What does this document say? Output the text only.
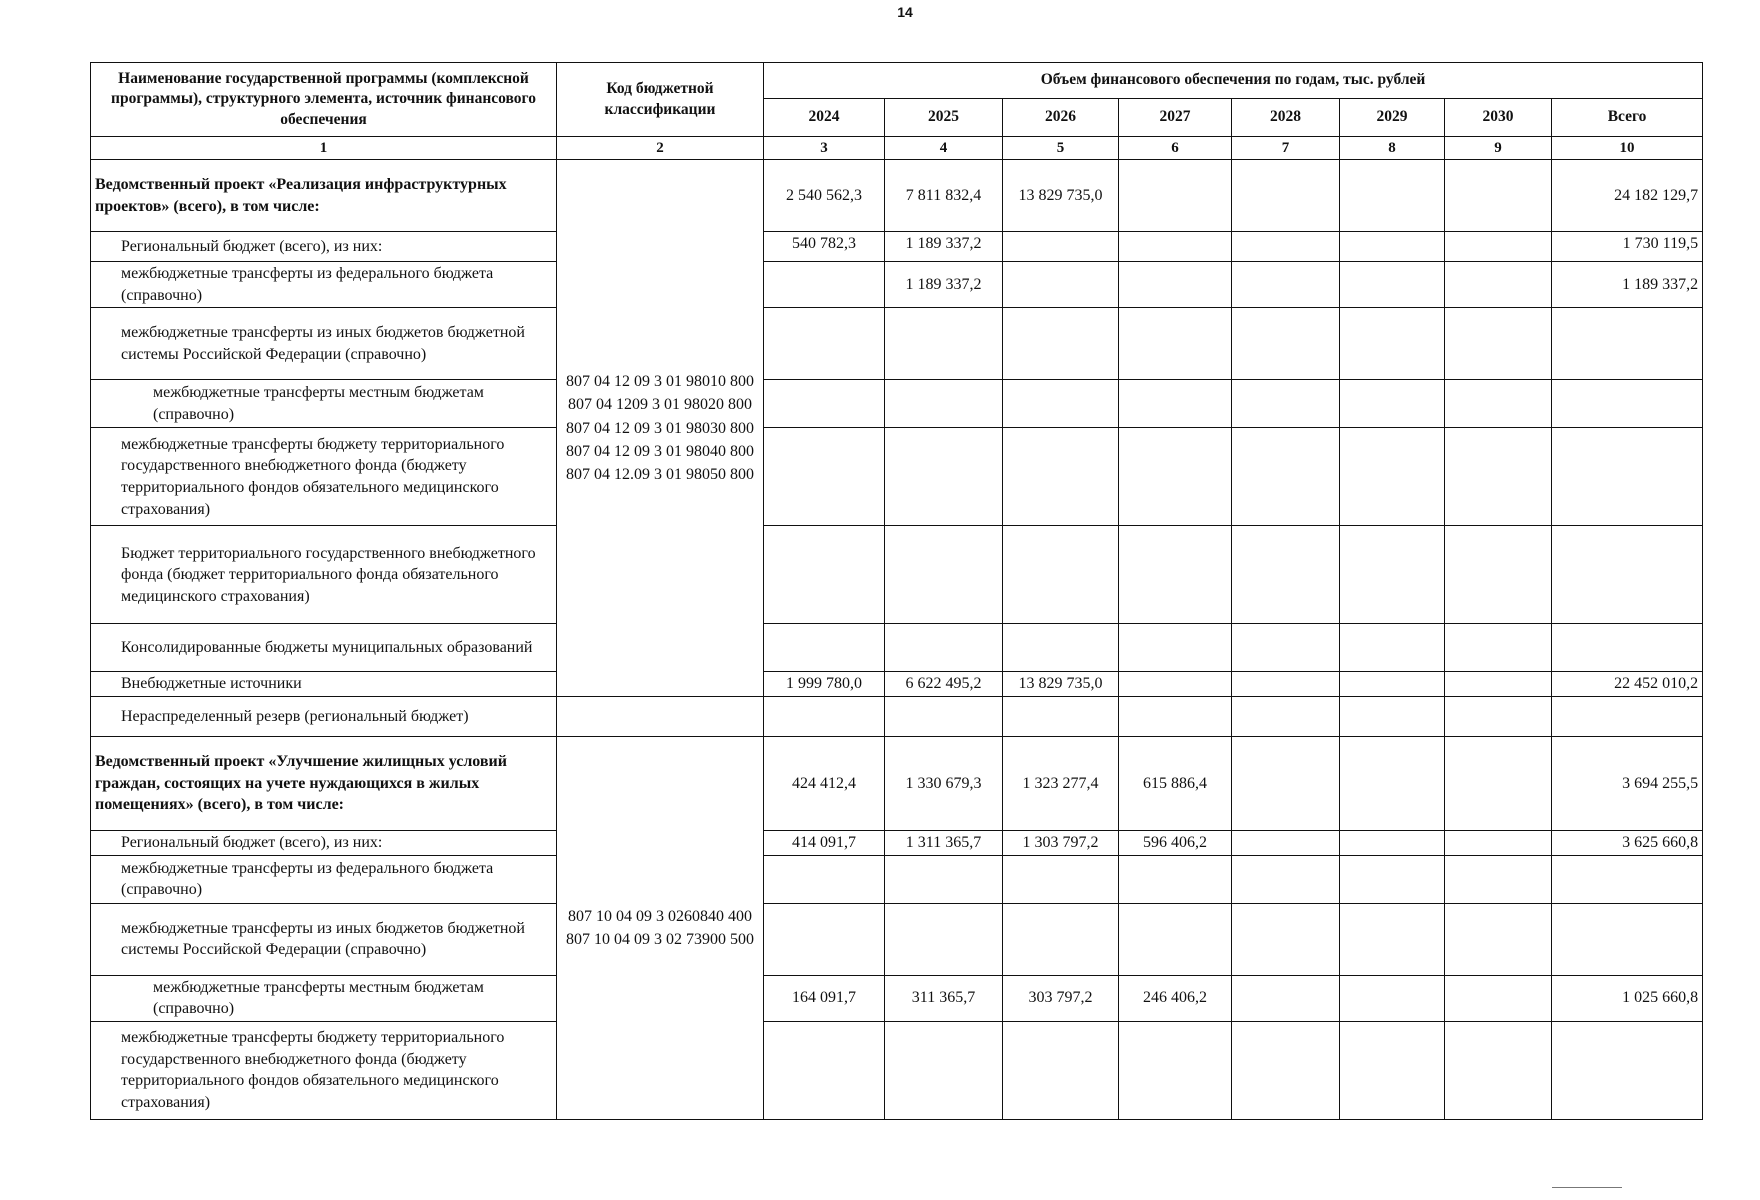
14
Наименование государственной программы (комплексной программы), структурного элемента, источник финансового обеспечения	Код бюджетной классификации	Объем финансового обеспечения по годам, тыс. рублей							
		2024	2025	2026	2027	2028	2029	2030	Всего
1	2	3	4	5	6	7	8	9	10
Ведомственный проект «Реализация инфраструктурных проектов» (всего), в том числе:	807 04 12 09 3 01 98010 800 807 04 1209 3 01 98020 800 807 04 12 09 3 01 98030 800 807 04 12 09 3 01 98040 800 807 04 12.09 3 01 98050 800	2 540 562,3	7 811 832,4	13 829 735,0					24 182 129,7
Региональный бюджет (всего), из них:		540 782,3	1 189 337,2						1 730 119,5
межбюджетные трансферты из федерального бюджета (справочно)			1 189 337,2						1 189 337,2
межбюджетные трансферты из иных бюджетов бюджетной системы Российской Федерации (справочно)									
межбюджетные трансферты местным бюджетам (справочно)									
межбюджетные трансферты бюджету территориального государственного внебюджетного фонда (бюджету территориального фондов обязательного медицинского страхования)									
Бюджет территориального государственного внебюджетного фонда (бюджет территориального фонда обязательного медицинского страхования)									
Консолидированные бюджеты муниципальных образований									
Внебюджетные источники		1 999 780,0	6 622 495,2	13 829 735,0					22 452 010,2
Нераспределенный резерв (региональный бюджет)									
Ведомственный проект «Улучшение жилищных условий граждан, состоящих на учете нуждающихся в жилых помещениях» (всего), в том числе:	807 10 04 09 3 0260840 400 807 10 04 09 3 02 73900 500	424 412,4	1 330 679,3	1 323 277,4	615 886,4				3 694 255,5
Региональный бюджет (всего), из них:		414 091,7	1 311 365,7	1 303 797,2	596 406,2				3 625 660,8
межбюджетные трансферты из федерального бюджета (справочно)									
межбюджетные трансферты из иных бюджетов бюджетной системы Российской Федерации (справочно)									
межбюджетные трансферты местным бюджетам (справочно)		164 091,7	311 365,7	303 797,2	246 406,2				1 025 660,8
межбюджетные трансферты бюджету территориального государственного внебюджетного фонда (бюджету территориального фондов обязательного медицинского страхования)									
